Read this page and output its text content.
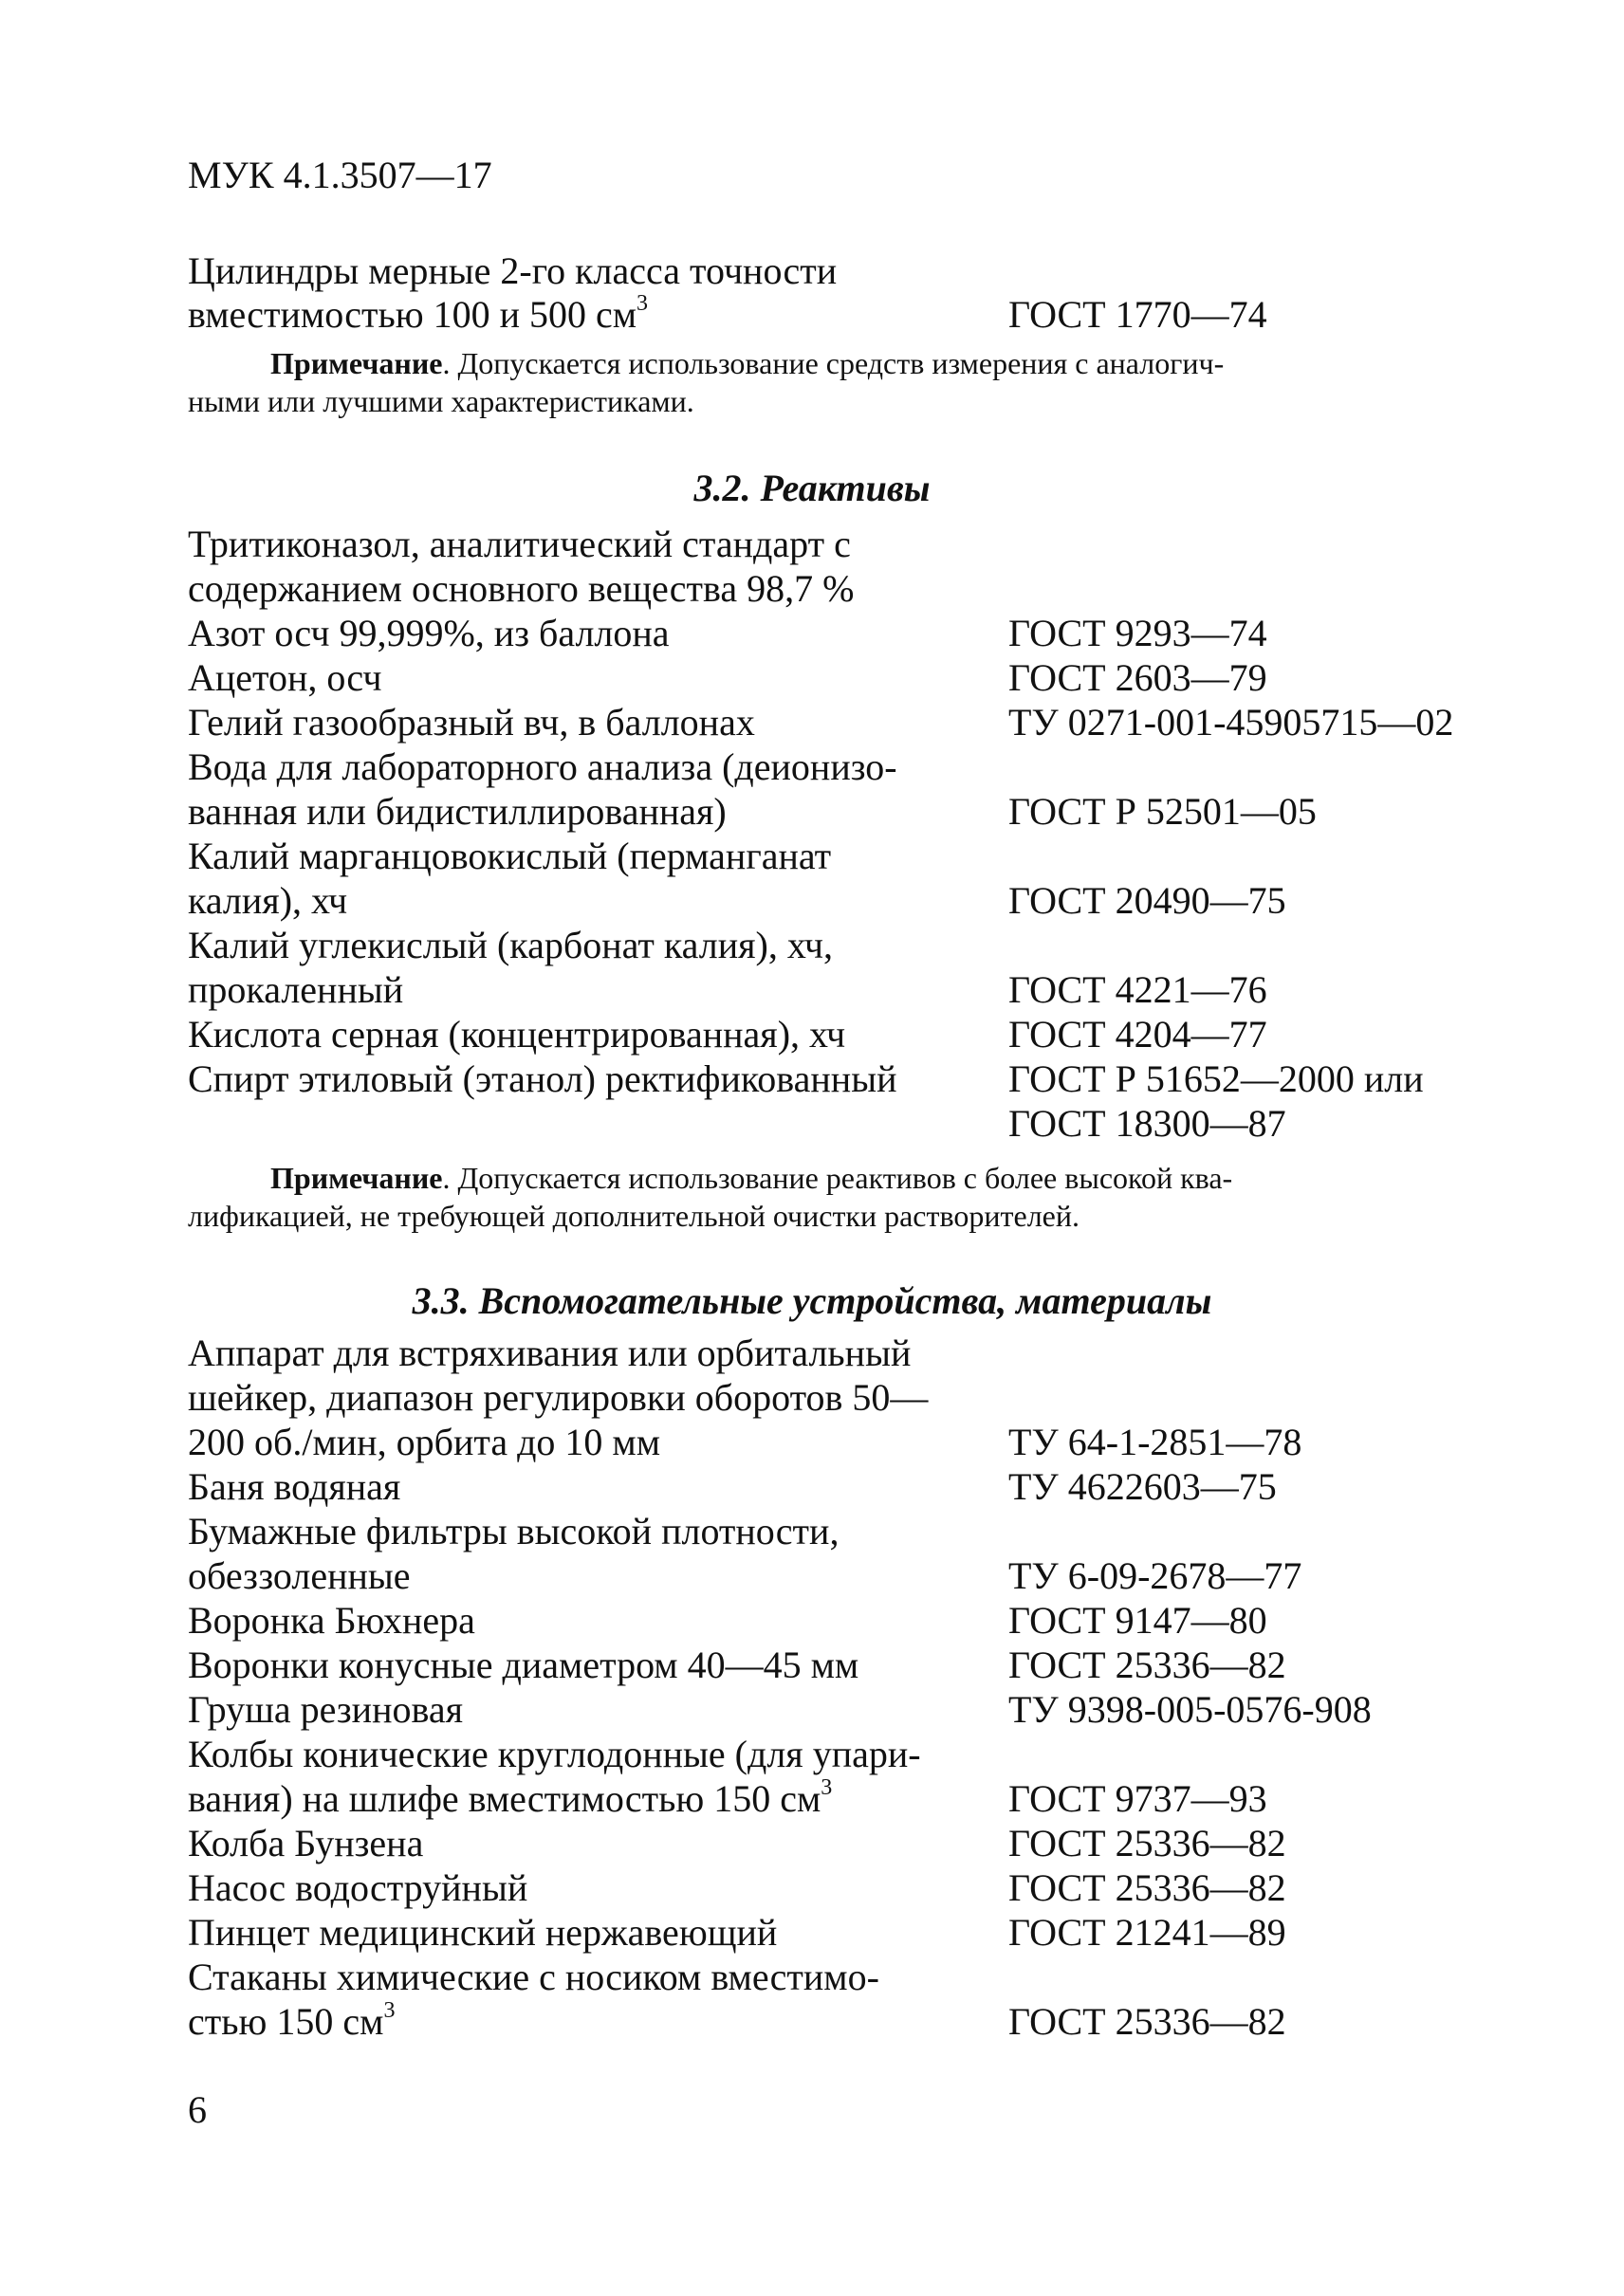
МУК 4.1.3507—17
Цилиндры мерные 2-го класса точности
вместимостью 100 и 500 $см^3$	ГОСТ 1770—74
Примечание. Допускается использование средств измерения с аналогич-
ными или лучшими характеристиками.
3.2. Реактивы
Тритиконазол, аналитический стандарт с
содержанием основного вещества 98,7 %
Азот осч 99,999%, из баллона	ГОСТ 9293—74
Ацетон, осч	ГОСТ 2603—79
Гелий газообразный вч, в баллонах	ТУ 0271-001-45905715—02
Вода для лабораторного анализа (деионизо-
ванная или бидистиллированная)	ГОСТ Р 52501—05
Калий марганцовокислый (перманганат
калия), хч	ГОСТ 20490—75
Калий углекислый (карбонат калия), хч,
прокаленный	ГОСТ 4221—76
Кислота серная (концентрированная), хч	ГОСТ 4204—77
Спирт этиловый (этанол) ректификованный	ГОСТ Р 51652—2000 или
ГОСТ 18300—87
Примечание. Допускается использование реактивов с более высокой ква-
лификацией, не требующей дополнительной очистки растворителей.
3.3. Вспомогательные устройства, материалы
Аппарат для встряхивания или орбитальный
шейкер, диапазон регулировки оборотов 50—
200 об./мин, орбита до 10 мм	ТУ 64-1-2851—78
Баня водяная	ТУ 4622603—75
Бумажные фильтры высокой плотности,
обеззоленные	ТУ 6-09-2678—77
Воронка Бюхнера	ГОСТ 9147—80
Воронки конусные диаметром 40—45 мм	ГОСТ 25336—82
Груша резиновая	ТУ 9398-005-0576-908
Колбы конические круглодонные (для упари-
вания) на шлифе вместимостью 150 $см^3$	ГОСТ 9737—93
Колба Бунзена	ГОСТ 25336—82
Насос водоструйный	ГОСТ 25336—82
Пинцет медицинский нержавеющий	ГОСТ 21241—89
Стаканы химические с носиком вместимо-
стью 150 $см^3$	ГОСТ 25336—82
6
